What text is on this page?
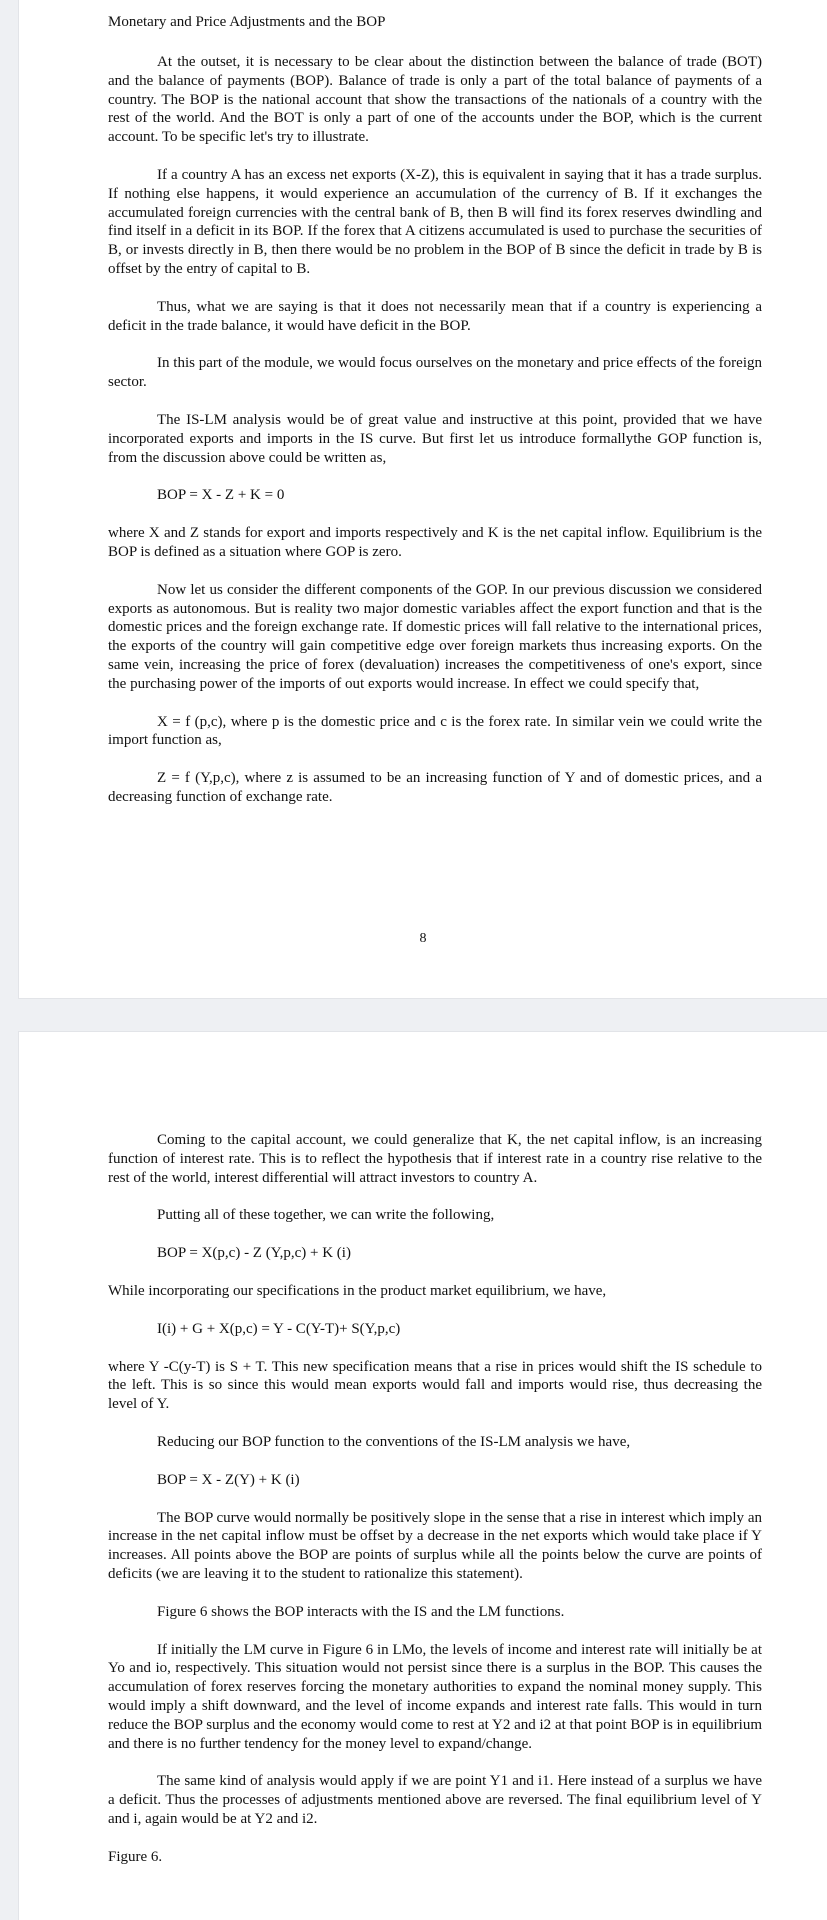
Monetary and Price Adjustments and the BOP

At the outset, it is necessary to be clear about the distinction between the balance of trade (BOT) and the balance of payments (BOP). Balance of trade is only a part of the total balance of payments of a country. The BOP is the national account that show the transactions of the nationals of a country with the rest of the world. And the BOT is only a part of one of the accounts under the BOP, which is the current account. To be specific let's try to illustrate.

If a country A has an excess net exports (X-Z), this is equivalent in saying that it has a trade surplus. If nothing else happens, it would experience an accumulation of the currency of B. If it exchanges the accumulated foreign currencies with the central bank of B, then B will find its forex reserves dwindling and find itself in a deficit in its BOP. If the forex that A citizens accumulated is used to purchase the securities of B, or invests directly in B, then there would be no problem in the BOP of B since the deficit in trade by B is offset by the entry of capital to B.

Thus, what we are saying is that it does not necessarily mean that if a country is experiencing a deficit in the trade balance, it would have deficit in the BOP.

In this part of the module, we would focus ourselves on the monetary and price effects of the foreign sector.

The IS-LM analysis would be of great value and instructive at this point, provided that we have incorporated exports and imports in the IS curve. But first let us introduce formallythe GOP function is, from the discussion above could be written as,

BOP = X - Z + K = 0

where X and Z stands for export and imports respectively and K is the net capital inflow. Equilibrium is the BOP is defined as a situation where GOP is zero.

Now let us consider the different components of the GOP. In our previous discussion we considered exports as autonomous. But is reality two major domestic variables affect the export function and that is the domestic prices and the foreign exchange rate. If domestic prices will fall relative to the international prices, the exports of the country will gain competitive edge over foreign markets thus increasing exports. On the same vein, increasing the price of forex (devaluation) increases the competitiveness of one's export, since the purchasing power of the imports of out exports would increase. In effect we could specify that,

X = f (p,c), where p is the domestic price and c is the forex rate. In similar vein we could write the import function as,

Z = f (Y,p,c), where z is assumed to be an increasing function of Y and of domestic prices, and a decreasing function of exchange rate.

8

Coming to the capital account, we could generalize that K, the net capital inflow, is an increasing function of interest rate. This is to reflect the hypothesis that if interest rate in a country rise relative to the rest of the world, interest differential will attract investors to country A.

Putting all of these together, we can write the following,

BOP = X(p,c) - Z (Y,p,c) + K (i)

While incorporating our specifications in the product market equilibrium, we have,

I(i) + G + X(p,c) = Y - C(Y-T)+ S(Y,p,c)

where Y -C(y-T) is S + T. This new specification means that a rise in prices would shift the IS schedule to the left. This is so since this would mean exports would fall and imports would rise, thus decreasing the level of Y.

Reducing our BOP function to the conventions of the IS-LM analysis we have,

BOP = X - Z(Y) + K (i)

The BOP curve would normally be positively slope in the sense that a rise in interest which imply an increase in the net capital inflow must be offset by a decrease in the net exports which would take place if Y increases. All points above the BOP are points of surplus while all the points below the curve are points of deficits (we are leaving it to the student to rationalize this statement).

Figure 6 shows the BOP interacts with the IS and the LM functions.

If initially the LM curve in Figure 6 in LMo, the levels of income and interest rate will initially be at Yo and io, respectively. This situation would not persist since there is a surplus in the BOP. This causes the accumulation of forex reserves forcing the monetary authorities to expand the nominal money supply. This would imply a shift downward, and the level of income expands and interest rate falls. This would in turn reduce the BOP surplus and the economy would come to rest at Y2 and i2 at that point BOP is in equilibrium and there is no further tendency for the money level to expand/change.

The same kind of analysis would apply if we are point Y1 and i1. Here instead of a surplus we have a deficit. Thus the processes of adjustments mentioned above are reversed. The final equilibrium level of Y and i, again would be at Y2 and i2.

Figure 6.
